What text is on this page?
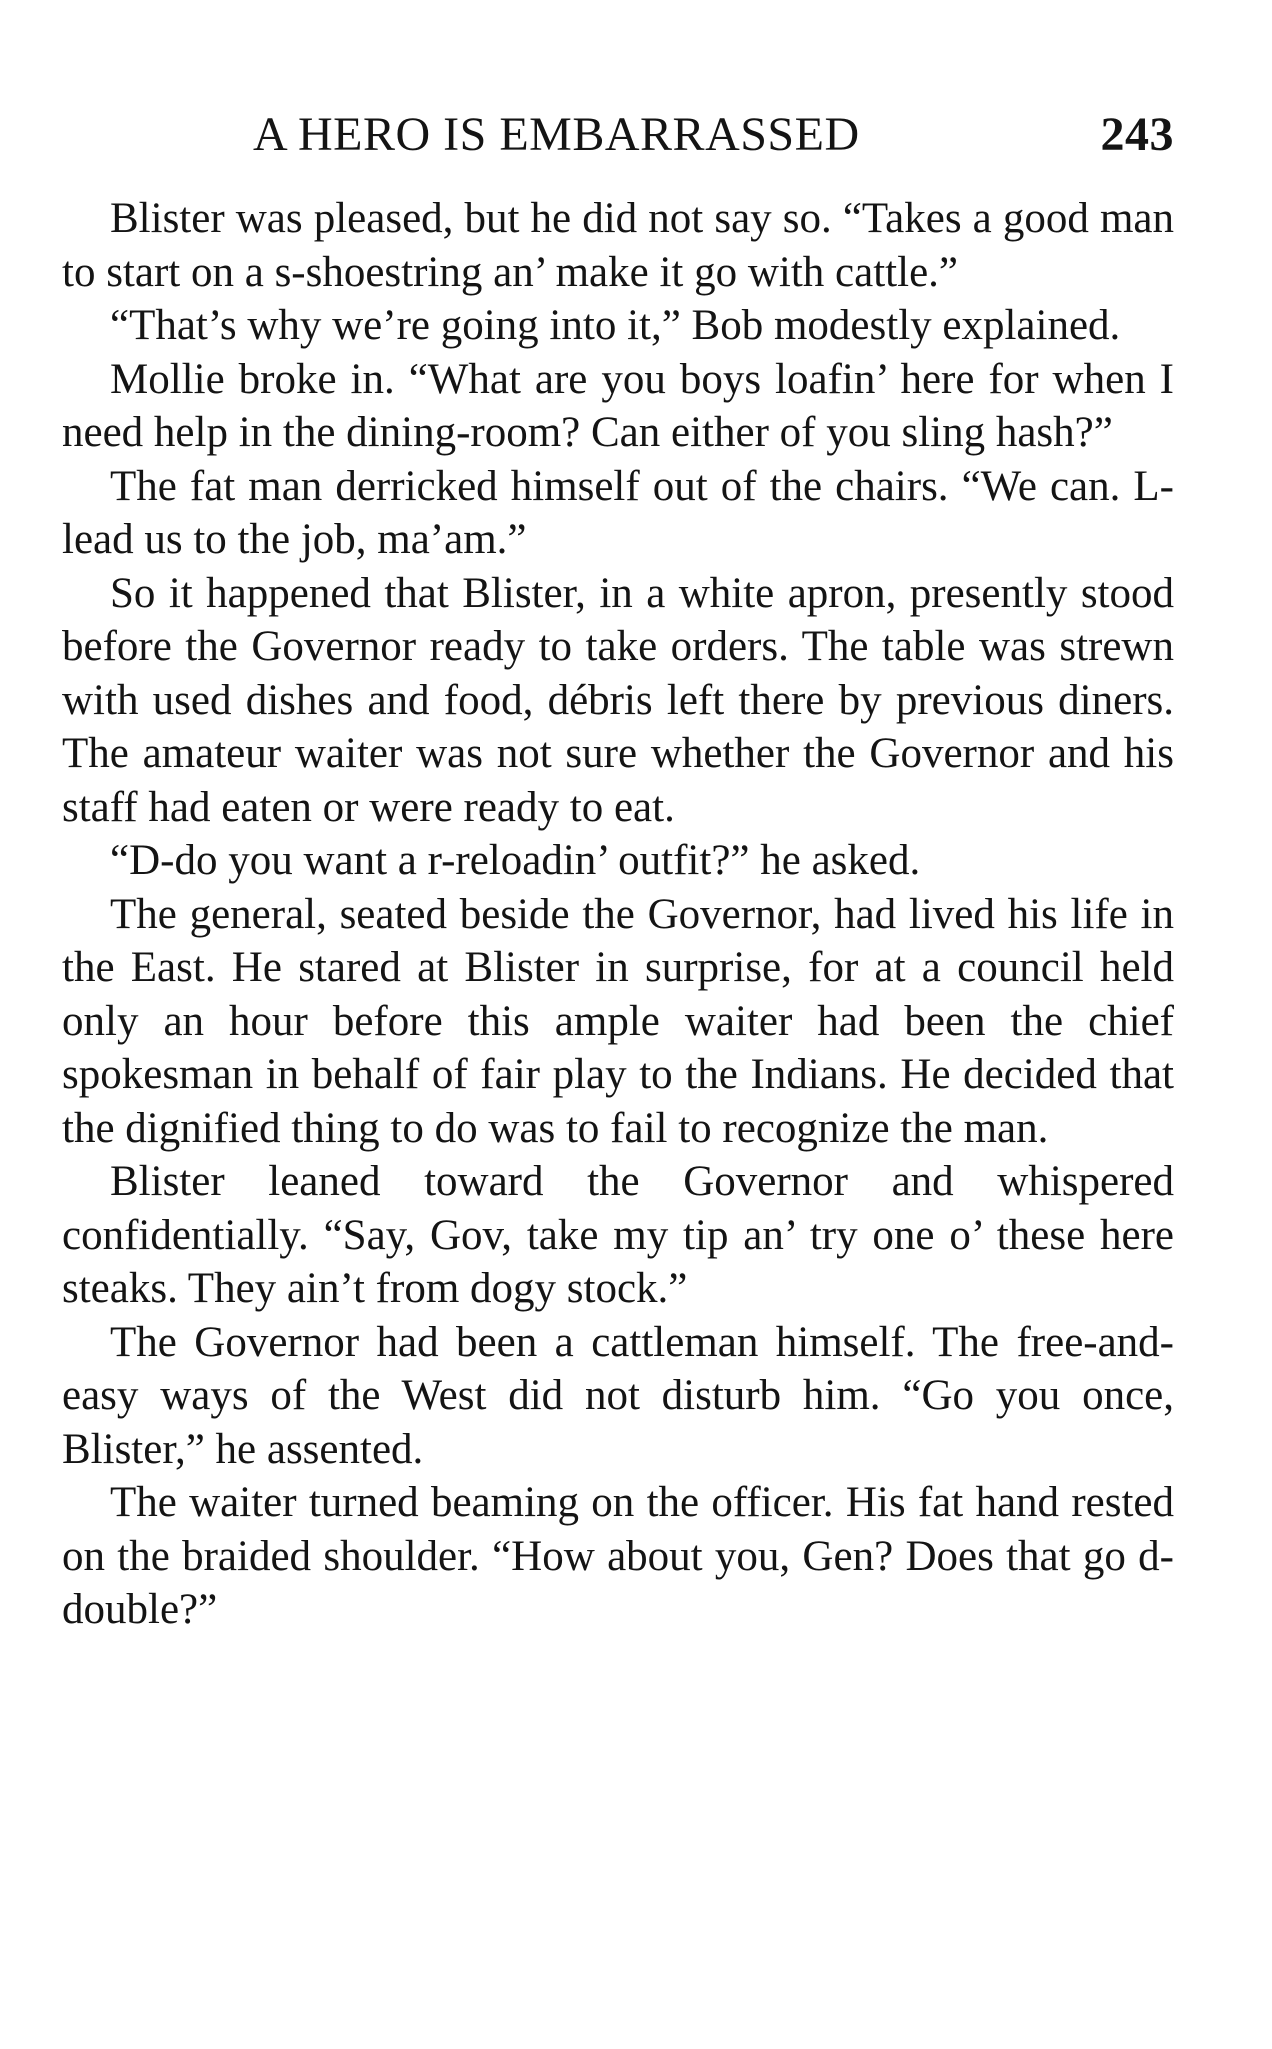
A HERO IS EMBARRASSED	243

Blister was pleased, but he did not say so. “Takes a good man to start on a s-shoestring an’ make it go with cattle.”

“That’s why we’re going into it,” Bob modestly explained.

Mollie broke in. “What are you boys loafin’ here for when I need help in the dining-room? Can either of you sling hash?”

The fat man derricked himself out of the chairs. “We can. L-lead us to the job, ma’am.”

So it happened that Blister, in a white apron, presently stood before the Governor ready to take orders. The table was strewn with used dishes and food, débris left there by previous diners. The amateur waiter was not sure whether the Governor and his staff had eaten or were ready to eat.

“D-do you want a r-reloadin’ outfit?” he asked.

The general, seated beside the Governor, had lived his life in the East. He stared at Blister in surprise, for at a council held only an hour before this ample waiter had been the chief spokesman in behalf of fair play to the Indians. He decided that the dignified thing to do was to fail to recognize the man.

Blister leaned toward the Governor and whispered confidentially. “Say, Gov, take my tip an’ try one o’ these here steaks. They ain’t from dogy stock.”

The Governor had been a cattleman himself. The free-and-easy ways of the West did not disturb him. “Go you once, Blister,” he assented.

The waiter turned beaming on the officer. His fat hand rested on the braided shoulder. “How about you, Gen? Does that go d-double?”
